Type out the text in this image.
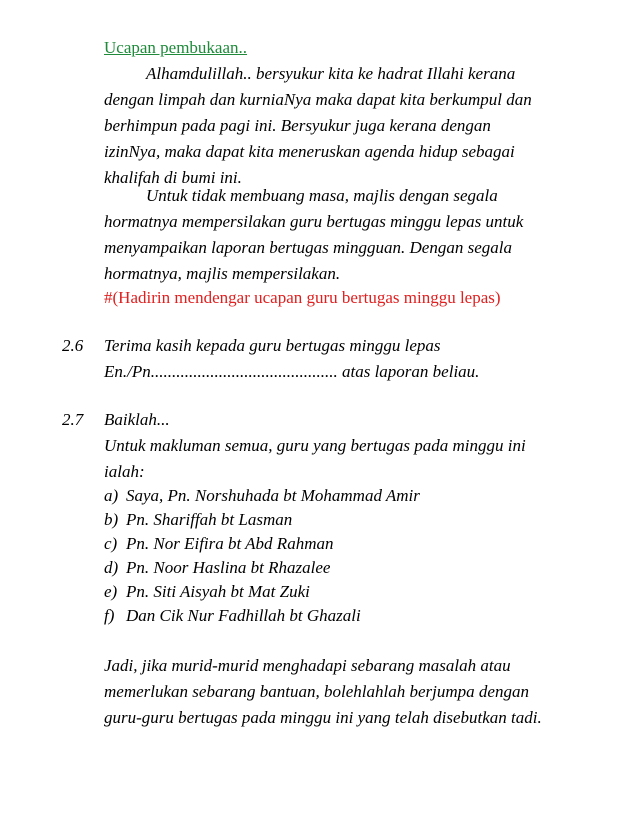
Ucapan pembukaan..
Alhamdulillah.. bersyukur kita ke hadrat Illahi kerana
dengan limpah dan kurniaNya maka dapat kita berkumpul dan
berhimpun pada pagi ini. Bersyukur juga kerana dengan
izinNya, maka dapat kita meneruskan agenda hidup sebagai
khalifah di bumi ini.
Untuk tidak membuang masa, majlis dengan segala
hormatnya mempersilakan guru bertugas minggu lepas untuk
menyampaikan laporan bertugas mingguan. Dengan segala
hormatnya, majlis mempersilakan.
#(Hadirin mendengar ucapan guru bertugas minggu lepas)
2.6 Terima kasih kepada guru bertugas minggu lepas
En./Pn............................................ atas laporan beliau.
2.7 Baiklah...
Untuk makluman semua, guru yang bertugas pada minggu ini
ialah:
a) Saya, Pn. Norshuhada bt Mohammad Amir
b) Pn. Shariffah bt Lasman
c) Pn. Nor Eifira bt Abd Rahman
d) Pn. Noor Haslina bt Rhazalee
e) Pn. Siti Aisyah bt Mat Zuki
f) Dan Cik Nur Fadhillah bt Ghazali
Jadi, jika murid-murid menghadapi sebarang masalah atau
memerlukan sebarang bantuan, bolehlahlah berjumpa dengan
guru-guru bertugas pada minggu ini yang telah disebutkan tadi.
